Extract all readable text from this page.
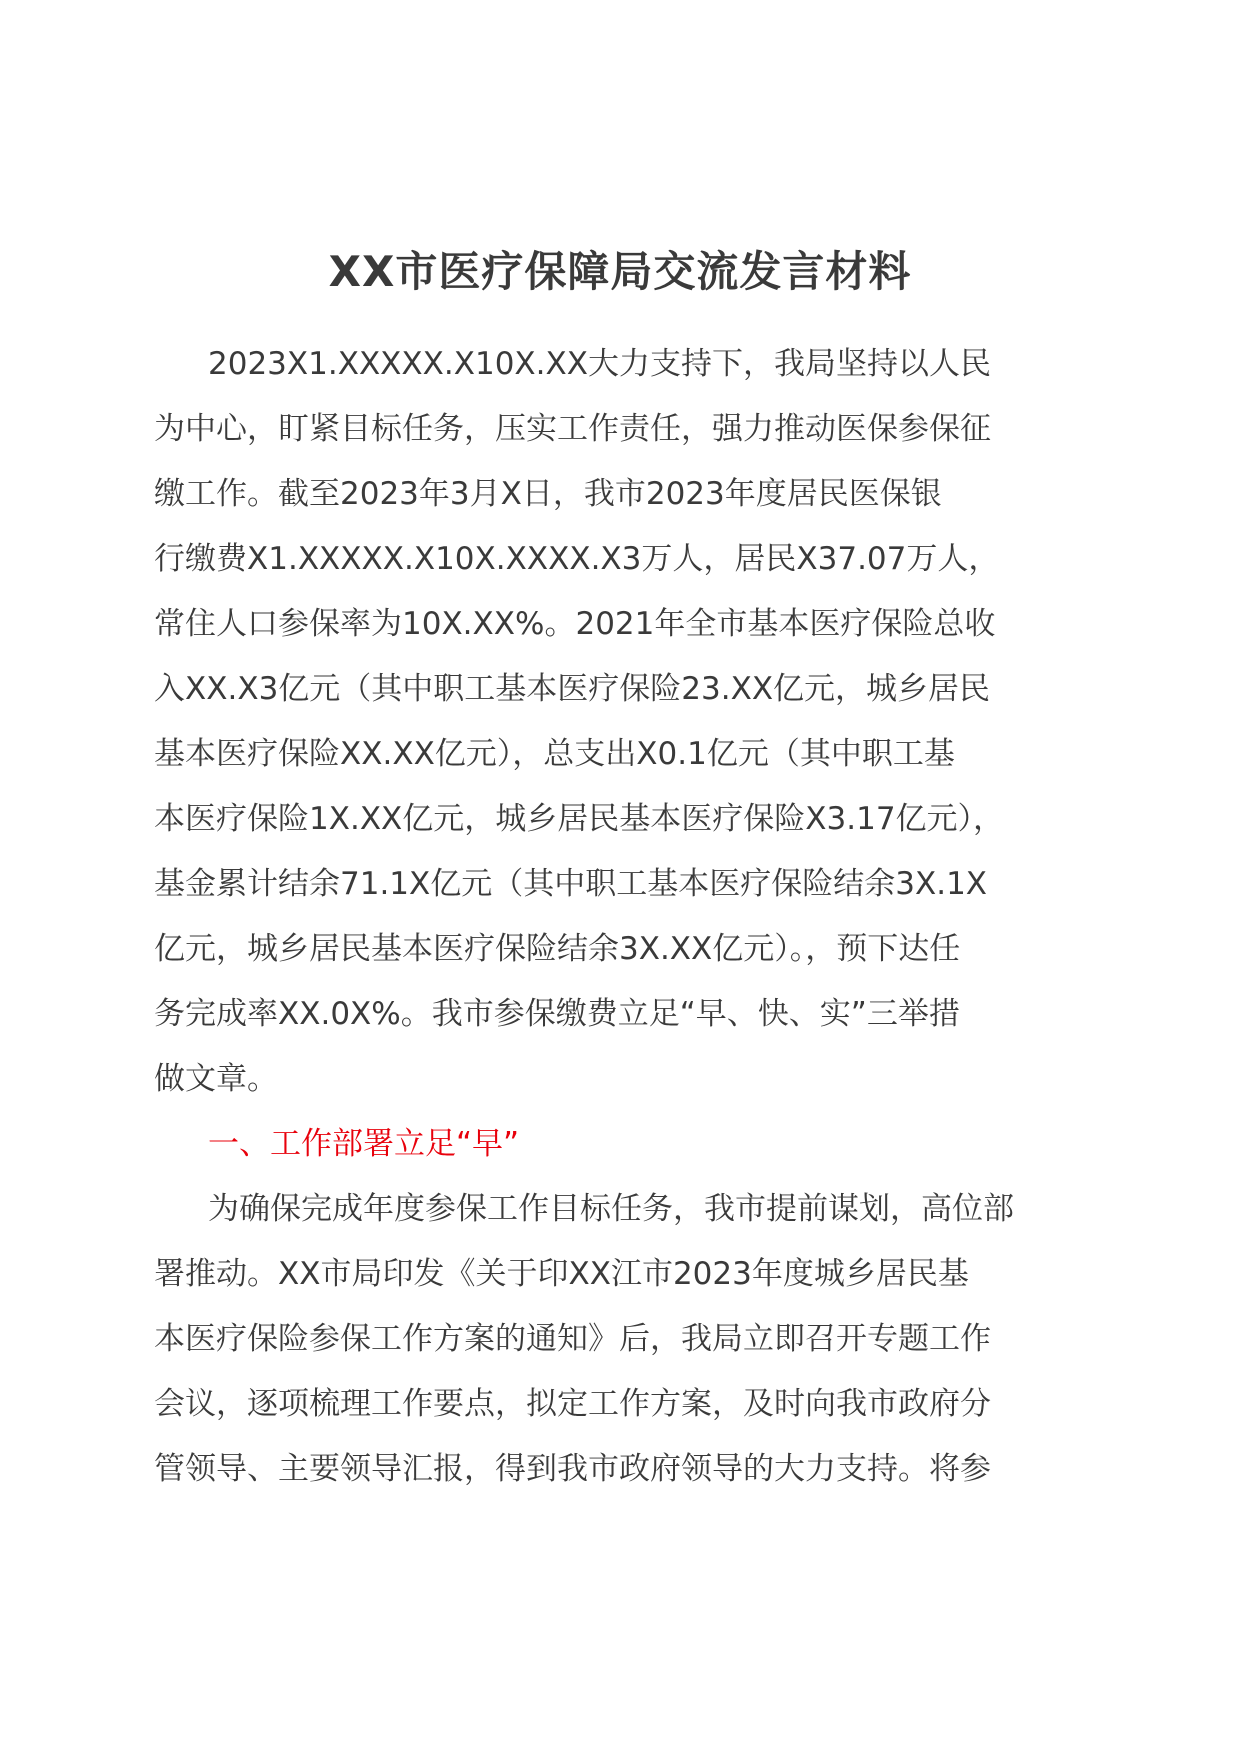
XX市医疗保障局交流发言材料
2023X1.XXXXX.X10X.XX大力支持下，我局坚持以人民
为中心，盯紧目标任务，压实工作责任，强力推动医保参保征
缴工作。截至2023年3月X日，我市2023年度居民医保银
行缴费X1.XXXXX.X10X.XXXX.X3万人，居民X37.07万人，
常住人口参保率为10X.XX%。2021年全市基本医疗保险总收
入XX.X3亿元（其中职工基本医疗保险23.XX亿元，城乡居民
基本医疗保险XX.XX亿元），总支出X0.1亿元（其中职工基
本医疗保险1X.XX亿元，城乡居民基本医疗保险X3.17亿元），
基金累计结余71.1X亿元（其中职工基本医疗保险结余3X.1X
亿元，城乡居民基本医疗保险结余3X.XX亿元）。，预下达任
务完成率XX.0X%。我市参保缴费立足“早、快、实”三举措
做文章。
一、工作部署立足“早”
为确保完成年度参保工作目标任务，我市提前谋划，高位部
署推动。XX市局印发《关于印XX江市2023年度城乡居民基
本医疗保险参保工作方案的通知》后，我局立即召开专题工作
会议，逐项梳理工作要点，拟定工作方案，及时向我市政府分
管领导、主要领导汇报，得到我市政府领导的大力支持。将参
